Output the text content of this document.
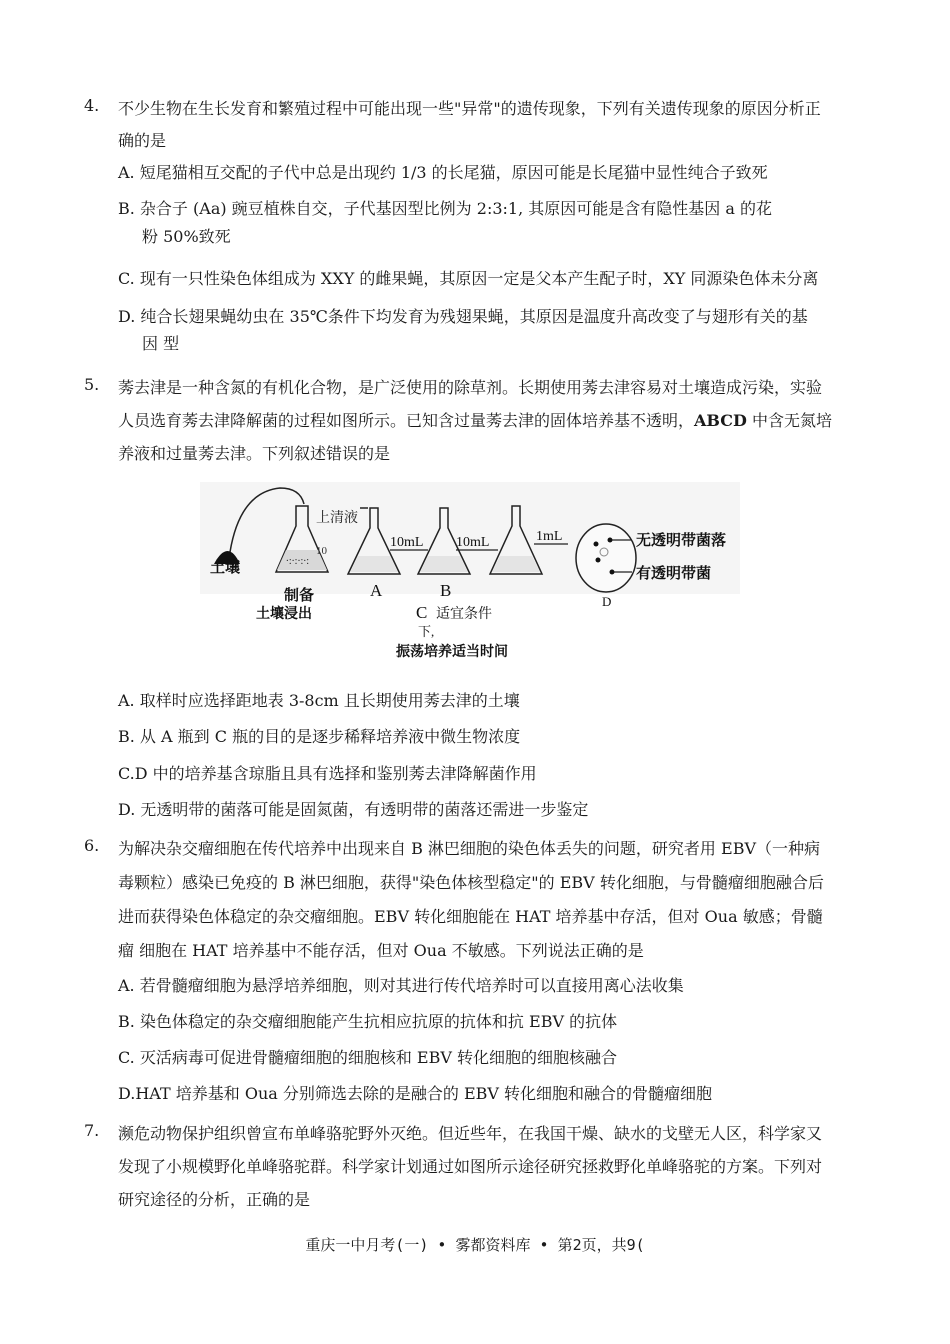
4. 不少生物在生长发育和繁殖过程中可能出现一些"异常"的遗传现象，下列有关遗传现象的原因分析正
确的是
A. 短尾猫相互交配的子代中总是出现约 1/3 的长尾猫，原因可能是长尾猫中显性纯合子致死
B. 杂合子 (Aa) 豌豆植株自交，子代基因型比例为 2:3:1, 其原因可能是含有隐性基因 a 的花
粉 50%致死
C. 现有一只性染色体组成为 XXY 的雌果蝇，其原因一定是父本产生配子时，XY 同源染色体未分离
D. 纯合长翅果蝇幼虫在 35℃条件下均发育为残翅果蝇，其原因是温度升高改变了与翅形有关的基
因 型
5. 莠去津是一种含氮的有机化合物，是广泛使用的除草剂。长期使用莠去津容易对土壤造成污染，实验
人员选育莠去津降解菌的过程如图所示。已知含过量莠去津的固体培养基不透明，ABCD 中含无氮培
养液和过量莠去津。下列叙述错误的是
土壤	∙:∙:∙:∙:
10
上清液
制备
土壤浸出
A
10mL
B
10mL
C 适宜条件
下,
振荡培养适当时间
1mL	无透明带菌落
有透明带菌
D
A. 取样时应选择距地表 3-8cm 且长期使用莠去津的土壤
B. 从 A 瓶到 C 瓶的目的是逐步稀释培养液中微生物浓度
C.D 中的培养基含琼脂且具有选择和鉴别莠去津降解菌作用
D. 无透明带的菌落可能是固氮菌，有透明带的菌落还需进一步鉴定
6. 为解决杂交瘤细胞在传代培养中出现来自 B 淋巴细胞的染色体丢失的问题，研究者用 EBV（一种病
毒颗粒）感染已免疫的 B 淋巴细胞，获得"染色体核型稳定"的 EBV 转化细胞，与骨髓瘤细胞融合后
进而获得染色体稳定的杂交瘤细胞。EBV 转化细胞能在 HAT 培养基中存活，但对 Oua 敏感；骨髓
瘤 细胞在 HAT 培养基中不能存活，但对 Oua 不敏感。下列说法正确的是
A. 若骨髓瘤细胞为悬浮培养细胞，则对其进行传代培养时可以直接用离心法收集
B. 染色体稳定的杂交瘤细胞能产生抗相应抗原的抗体和抗 EBV 的抗体
C. 灭活病毒可促进骨髓瘤细胞的细胞核和 EBV 转化细胞的细胞核融合
D.HAT 培养基和 Oua 分别筛选去除的是融合的 EBV 转化细胞和融合的骨髓瘤细胞
7. 濒危动物保护组织曾宣布单峰骆驼野外灭绝。但近些年，在我国干燥、缺水的戈壁无人区，科学家又
发现了小规模野化单峰骆驼群。科学家计划通过如图所示途径研究拯救野化单峰骆驼的方案。下列对
研究途径的分析，正确的是
重庆一中月考(一) • 雾都资料库 • 第2页，共9(
